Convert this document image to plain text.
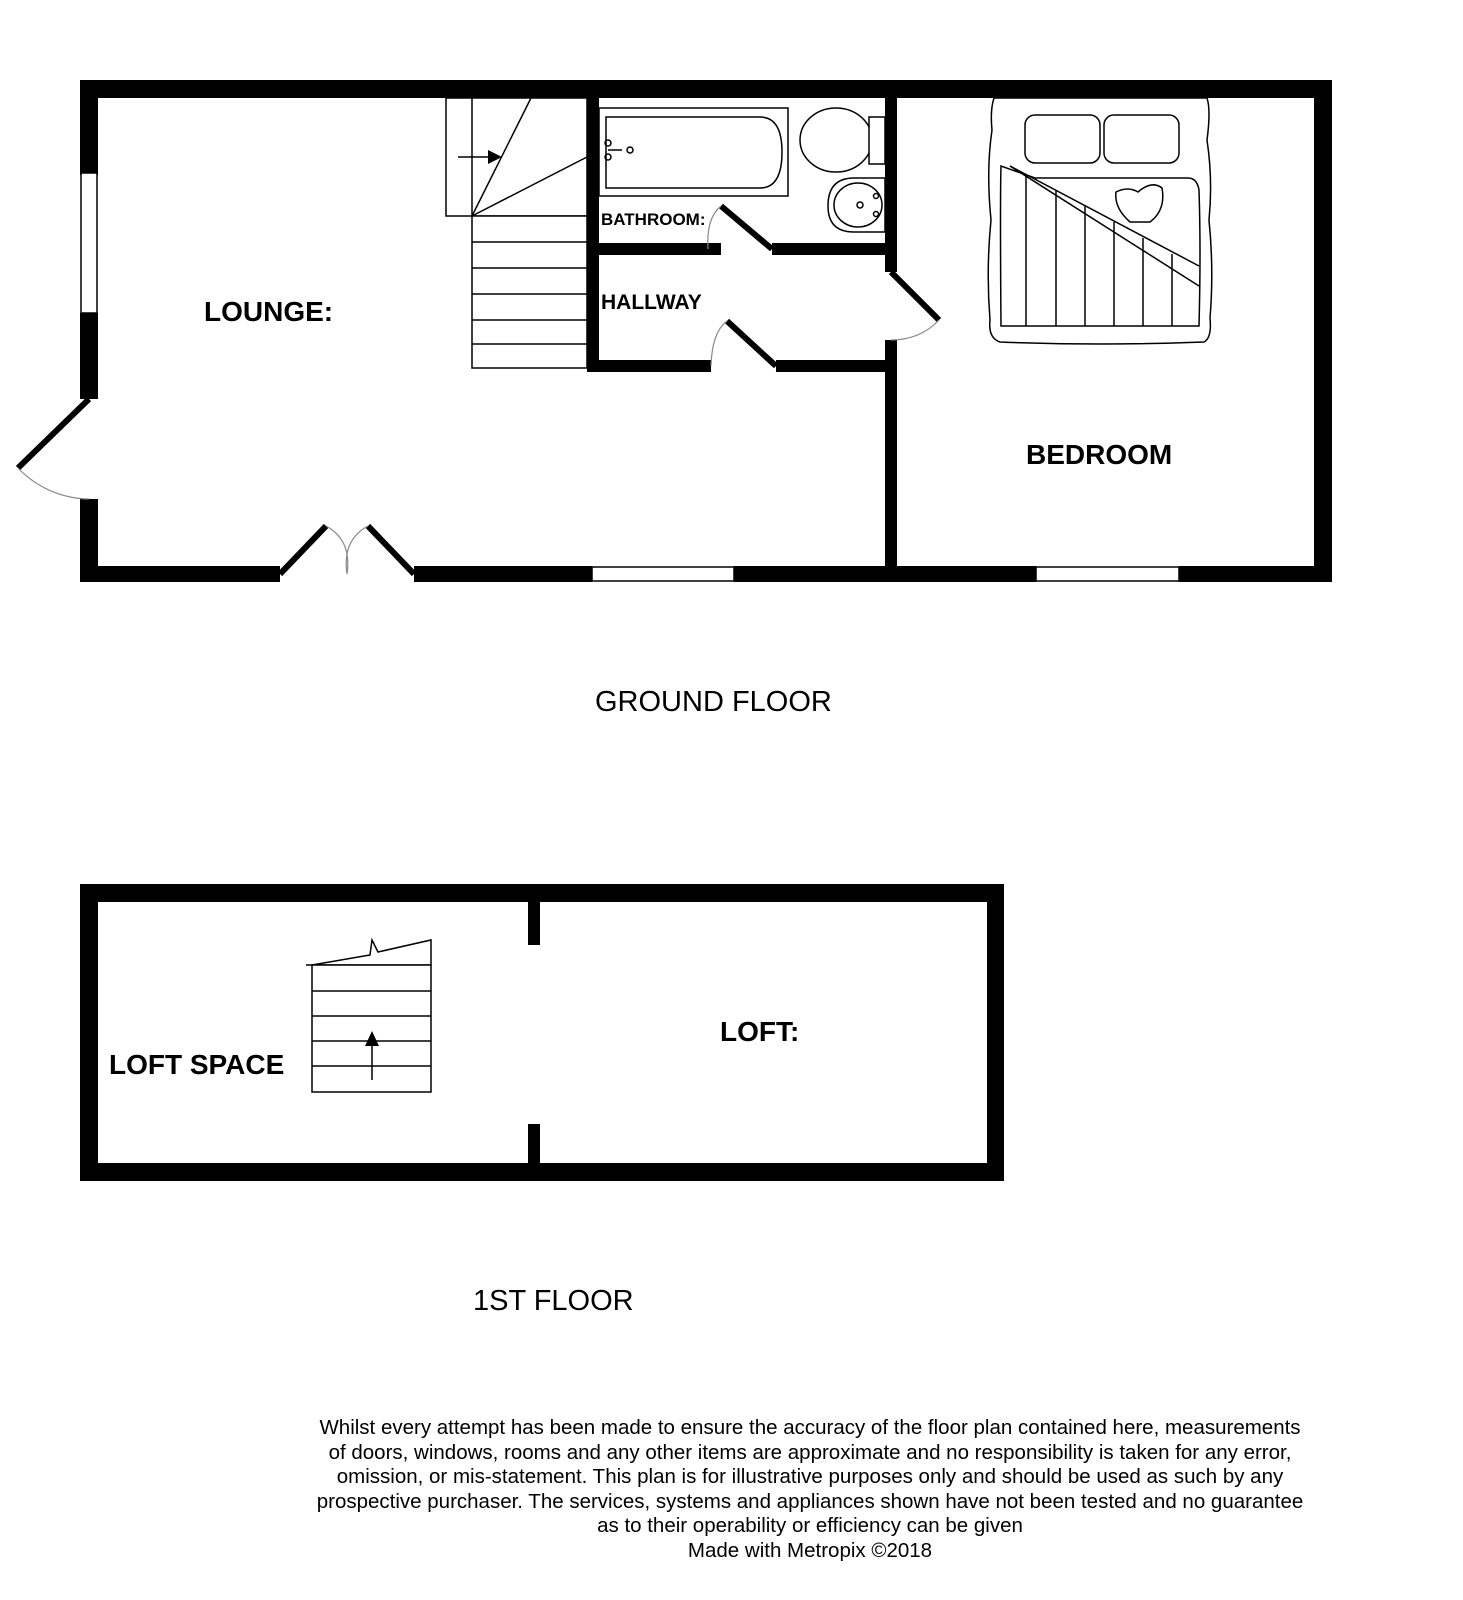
LOUNGE:
BATHROOM:
HALLWAY
BEDROOM
GROUND FLOOR
LOFT SPACE
LOFT:
1ST FLOOR
Whilst every attempt has been made to ensure the accuracy of the floor plan contained here, measurements
of doors, windows, rooms and any other items are approximate and no responsibility is taken for any error,
omission, or mis-statement. This plan is for illustrative purposes only and should be used as such by any
prospective purchaser. The services, systems and appliances shown have not been tested and no guarantee
as to their operability or efficiency can be given
Made with Metropix ©2018
